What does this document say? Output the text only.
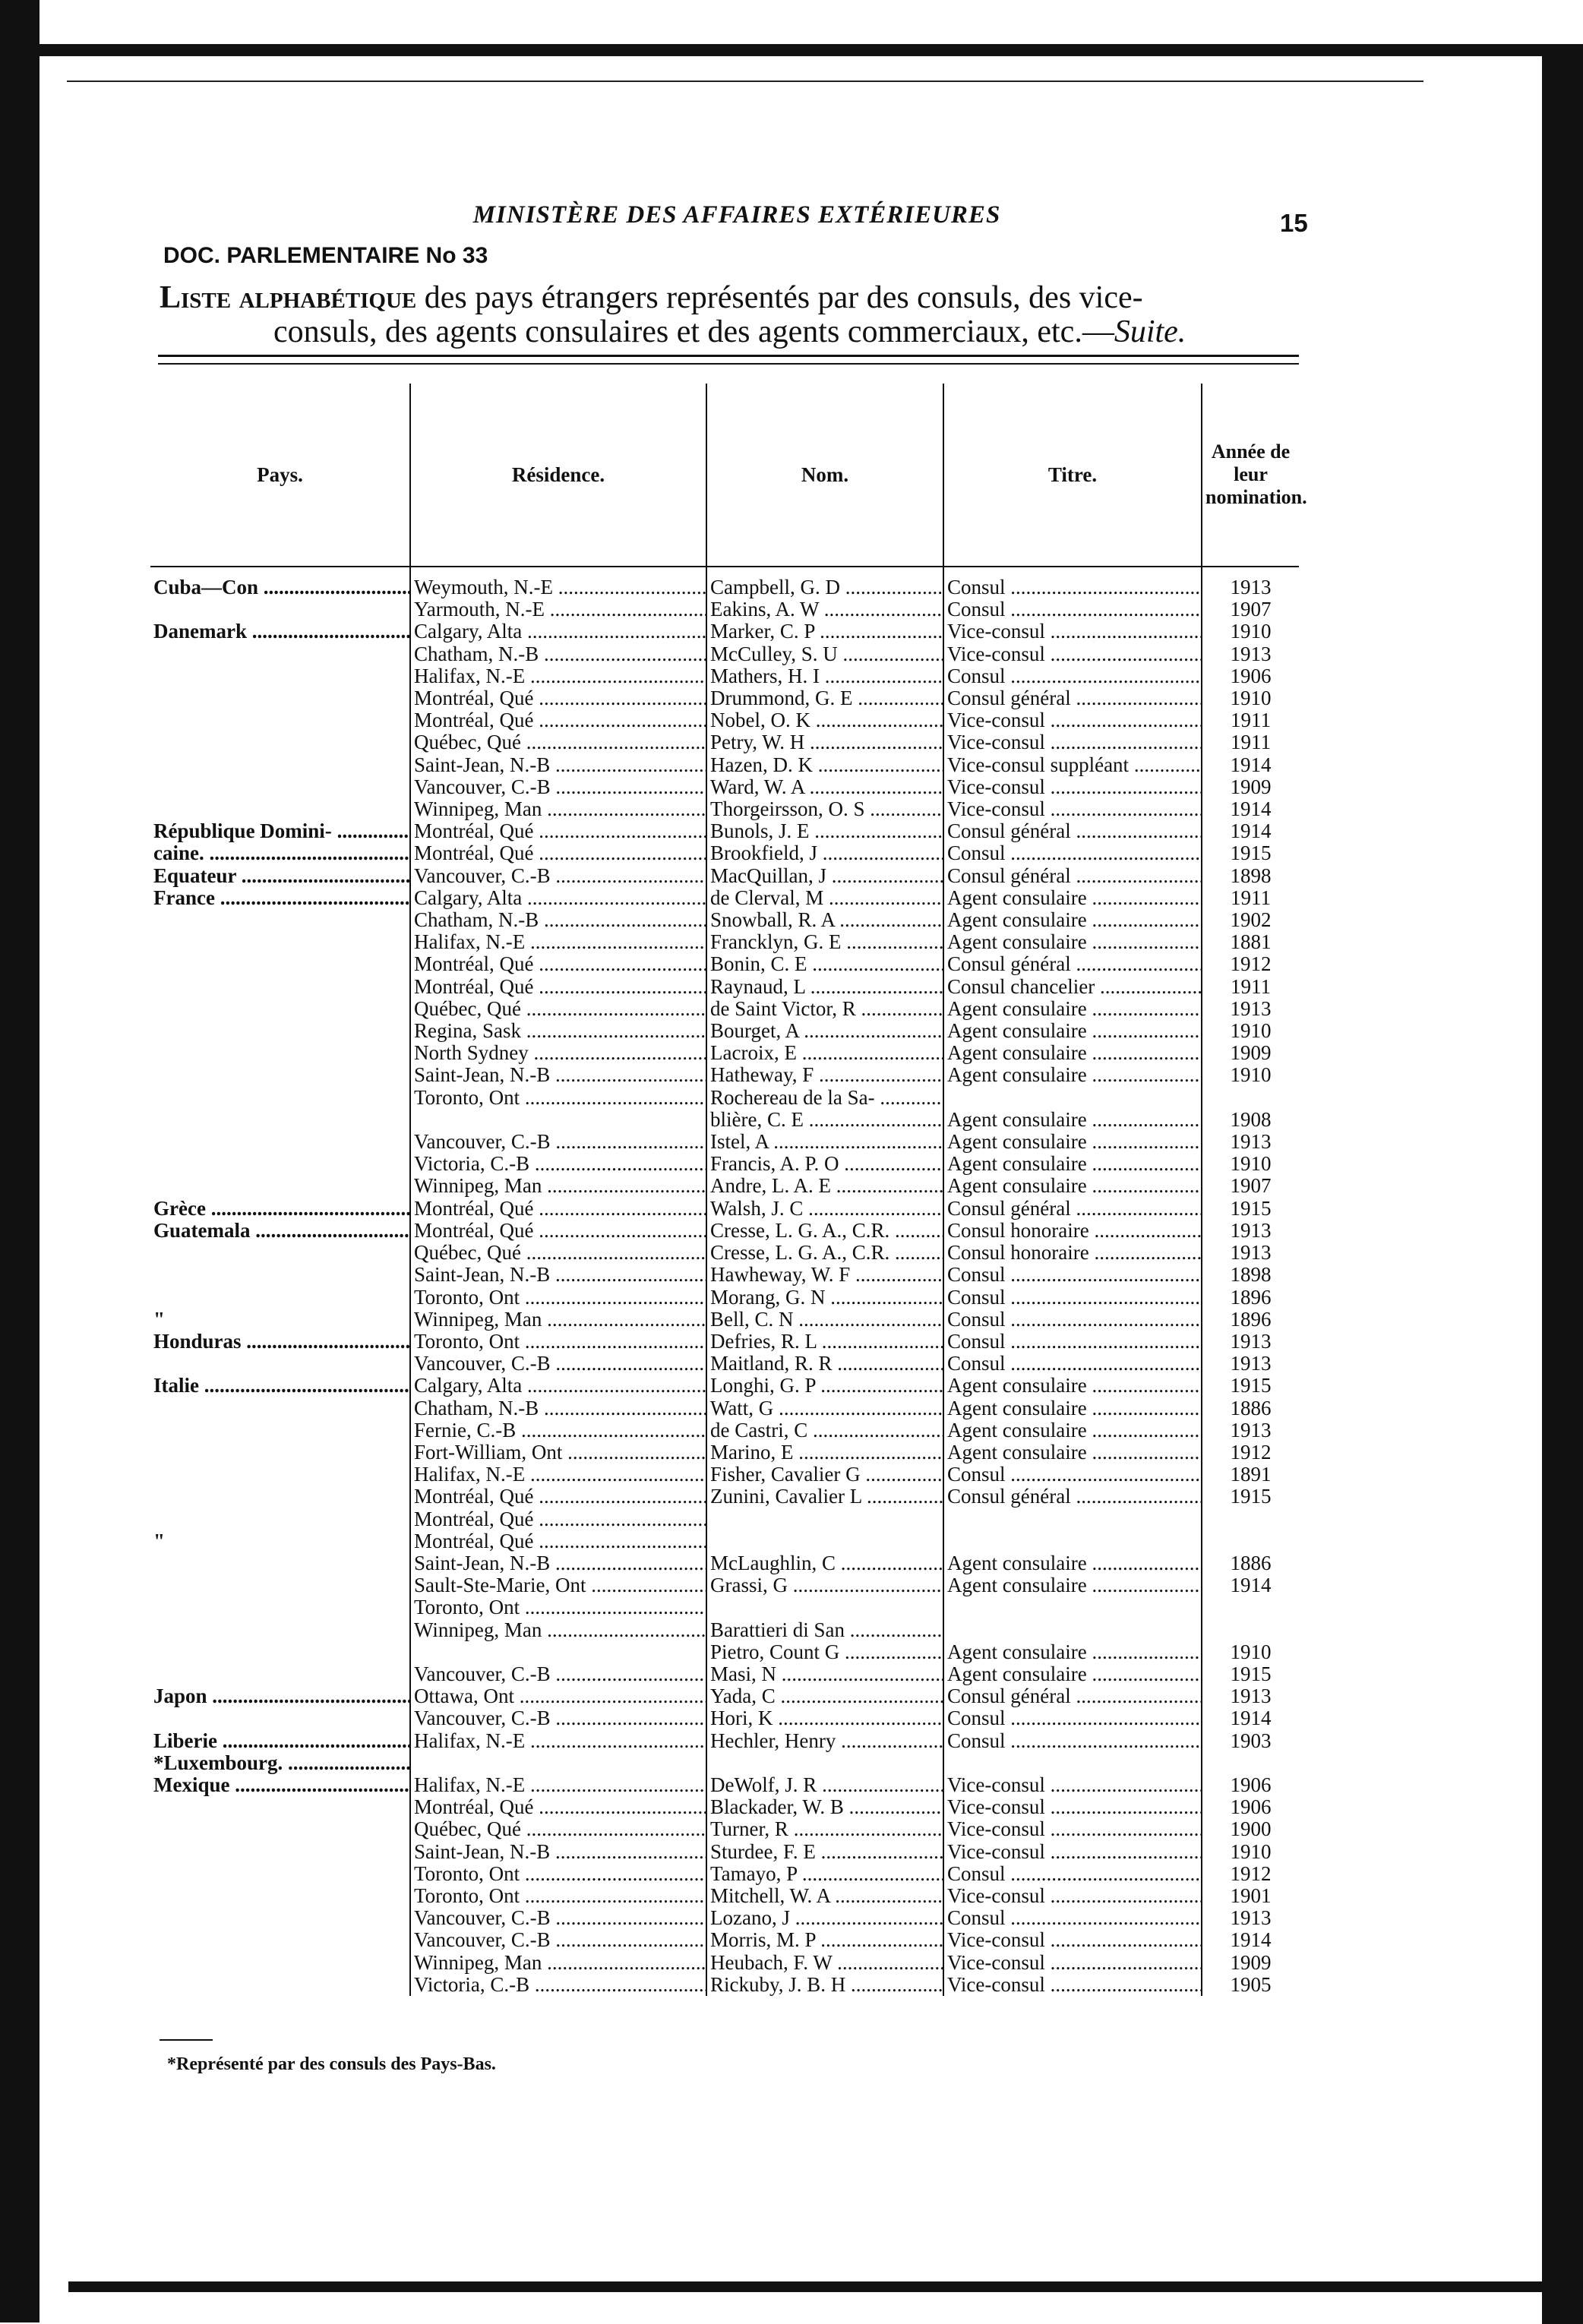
MINISTÈRE DES AFFAIRES EXTÉRIEURES	15
DOC. PARLEMENTAIRE No 33
Liste alphabétique des pays étrangers représentés par des consuls, des vice-
consuls, des agents consulaires et des agents commerciaux, etc.—Suite.
Pays.	Résidence.	Nom.	Titre.	Année de leur nomination.
Cuba—Con .....	Weymouth, N.-E .....	Campbell, G. D .....	Consul .....	1913
	Yarmouth, N.-E .....	Eakins, A. W .....	Consul .....	1907
Danemark .....	Calgary, Alta .....	Marker, C. P .....	Vice-consul .....	1910
	Chatham, N.-B .....	McCulley, S. U .....	Vice-consul .....	1913
	Halifax, N.-E .....	Mathers, H. I .....	Consul .....	1906
	Montréal, Qué .....	Drummond, G. E .....	Consul général .....	1910
	Montréal, Qué .....	Nobel, O. K .....	Vice-consul .....	1911
	Québec, Qué .....	Petry, W. H .....	Vice-consul .....	1911
	Saint-Jean, N.-B .....	Hazen, D. K .....	Vice-consul suppléant .....	1914
	Vancouver, C.-B .....	Ward, W. A .....	Vice-consul .....	1909
	Winnipeg, Man .....	Thorgeirsson, O. S .....	Vice-consul .....	1914
République Domini- .....	Montréal, Qué .....	Bunols, J. E .....	Consul général .....	1914
caine. .....	Montréal, Qué .....	Brookfield, J .....	Consul .....	1915
Equateur .....	Vancouver, C.-B .....	MacQuillan, J .....	Consul général .....	1898
France .....	Calgary, Alta .....	de Clerval, M .....	Agent consulaire .....	1911
	Chatham, N.-B .....	Snowball, R. A .....	Agent consulaire .....	1902
	Halifax, N.-E .....	Francklyn, G. E .....	Agent consulaire .....	1881
	Montréal, Qué .....	Bonin, C. E .....	Consul général .....	1912
	Montréal, Qué .....	Raynaud, L .....	Consul chancelier .....	1911
	Québec, Qué .....	de Saint Victor, R .....	Agent consulaire .....	1913
	Regina, Sask .....	Bourget, A .....	Agent consulaire .....	1910
	North Sydney .....	Lacroix, E .....	Agent consulaire .....	1909
	Saint-Jean, N.-B .....	Hatheway, F .....	Agent consulaire .....	1910
	Toronto, Ont .....	Rochereau de la Sa- .....		
		blière, C. E .....	Agent consulaire .....	1908
	Vancouver, C.-B .....	Istel, A .....	Agent consulaire .....	1913
	Victoria, C.-B .....	Francis, A. P. O .....	Agent consulaire .....	1910
	Winnipeg, Man .....	Andre, L. A. E .....	Agent consulaire .....	1907
Grèce .....	Montréal, Qué .....	Walsh, J. C .....	Consul général .....	1915
Guatemala .....	Montréal, Qué .....	Cresse, L. G. A., C.R. .....	Consul honoraire .....	1913
	Québec, Qué .....	Cresse, L. G. A., C.R. .....	Consul honoraire .....	1913
	Saint-Jean, N.-B .....	Hawheway, W. F .....	Consul .....	1898
	Toronto, Ont .....	Morang, G. N .....	Consul .....	1896
"	Winnipeg, Man .....	Bell, C. N .....	Consul .....	1896
Honduras .....	Toronto, Ont .....	Defries, R. L .....	Consul .....	1913
	Vancouver, C.-B .....	Maitland, R. R .....	Consul .....	1913
Italie .....	Calgary, Alta .....	Longhi, G. P .....	Agent consulaire .....	1915
	Chatham, N.-B .....	Watt, G .....	Agent consulaire .....	1886
	Fernie, C.-B .....	de Castri, C .....	Agent consulaire .....	1913
	Fort-William, Ont .....	Marino, E .....	Agent consulaire .....	1912
	Halifax, N.-E .....	Fisher, Cavalier G .....	Consul .....	1891
	Montréal, Qué .....	Zunini, Cavalier L .....	Consul général .....	1915
	Montréal, Qué .....			
"	Montréal, Qué .....			
	Saint-Jean, N.-B .....	McLaughlin, C .....	Agent consulaire .....	1886
	Sault-Ste-Marie, Ont .....	Grassi, G .....	Agent consulaire .....	1914
	Toronto, Ont .....			
	Winnipeg, Man .....	Barattieri di San .....		
		Pietro, Count G .....	Agent consulaire .....	1910
	Vancouver, C.-B .....	Masi, N .....	Agent consulaire .....	1915
Japon .....	Ottawa, Ont .....	Yada, C .....	Consul général .....	1913
	Vancouver, C.-B .....	Hori, K .....	Consul .....	1914
Liberie .....	Halifax, N.-E .....	Hechler, Henry .....	Consul .....	1903
*Luxembourg. .....				
Mexique .....	Halifax, N.-E .....	DeWolf, J. R .....	Vice-consul .....	1906
	Montréal, Qué .....	Blackader, W. B .....	Vice-consul .....	1906
	Québec, Qué .....	Turner, R .....	Vice-consul .....	1900
	Saint-Jean, N.-B .....	Sturdee, F. E .....	Vice-consul .....	1910
	Toronto, Ont .....	Tamayo, P .....	Consul .....	1912
	Toronto, Ont .....	Mitchell, W. A .....	Vice-consul .....	1901
	Vancouver, C.-B .....	Lozano, J .....	Consul .....	1913
	Vancouver, C.-B .....	Morris, M. P .....	Vice-consul .....	1914
	Winnipeg, Man .....	Heubach, F. W .....	Vice-consul .....	1909
	Victoria, C.-B .....	Rickuby, J. B. H .....	Vice-consul .....	1905
*Représenté par des consuls des Pays-Bas.
